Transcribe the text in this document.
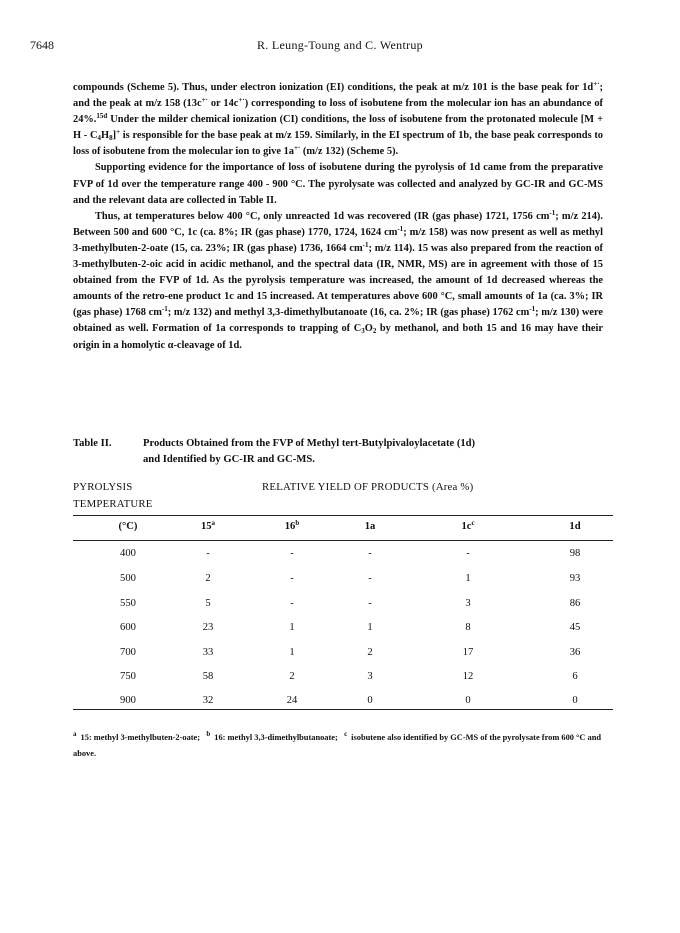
7648	R. Leung-Toung and C. Wentrup

compounds (Scheme 5). Thus, under electron ionization (EI) conditions, the peak at m/z 101 is the base peak for 1d+·; and the peak at m/z 158 (13c+· or 14c+·) corresponding to loss of isobutene from the molecular ion has an abundance of 24%.$^{15d}$ Under the milder chemical ionization (CI) conditions, the loss of isobutene from the protonated molecule $[M + H - C_4H_8]^+$ is responsible for the base peak at m/z 159. Similarly, in the EI spectrum of 1b, the base peak corresponds to loss of isobutene from the molecular ion to give 1a+· (m/z 132) (Scheme 5).

Supporting evidence for the importance of loss of isobutene during the pyrolysis of 1d came from the preparative FVP of 1d over the temperature range 400 - 900 °C. The pyrolysate was collected and analyzed by GC-IR and GC-MS and the relevant data are collected in Table II.

Thus, at temperatures below 400 °C, only unreacted 1d was recovered (IR (gas phase) 1721, 1756 $cm^{-1}$; m/z 214). Between 500 and 600 °C, 1c (ca. 8%; IR (gas phase) 1770, 1724, 1624 $cm^{-1}$; m/z 158) was now present as well as methyl 3-methylbuten-2-oate (15, ca. 23%; IR (gas phase) 1736, 1664 $cm^{-1}$; m/z 114). 15 was also prepared from the reaction of 3-methylbuten-2-oic acid in acidic methanol, and the spectral data (IR, NMR, MS) are in agreement with those of 15 obtained from the FVP of 1d. As the pyrolysis temperature was increased, the amount of 1d decreased whereas the amounts of the retro-ene product 1c and 15 increased. At temperatures above 600 °C, small amounts of 1a (ca. 3%; IR (gas phase) 1768 $cm^{-1}$; m/z 132) and methyl 3,3-dimethylbutanoate (16, ca. 2%; IR (gas phase) 1762 $cm^{-1}$; m/z 130) were obtained as well. Formation of 1a corresponds to trapping of $C_3O_2$ by methanol, and both 15 and 16 may have their origin in a homolytic α-cleavage of 1d.

Table II.	Products Obtained from the FVP of Methyl tert-Butylpivaloylacetate (1d)
and Identified by GC-IR and GC-MS.
PYROLYSIS
TEMPERATURE
RELATIVE YIELD OF PRODUCTS (Area %)
(°C)	15$^a$	16$^b$	1a	$1c^c$	1d
400	-	-	-	-	98
500	2	-	-	1	93
550	5	-	-	3	86
600	23	1	1	8	45
700	33	1	2	17	36
750	58	2	3	12	6
900	32	24	0	0	0
$^a$ 15: methyl 3-methylbuten-2-oate; $^b$ 16: methyl 3,3-dimethylbutanoate; $^c$ isobutene also identified by GC-MS of the pyrolysate from 600 °C and above.
